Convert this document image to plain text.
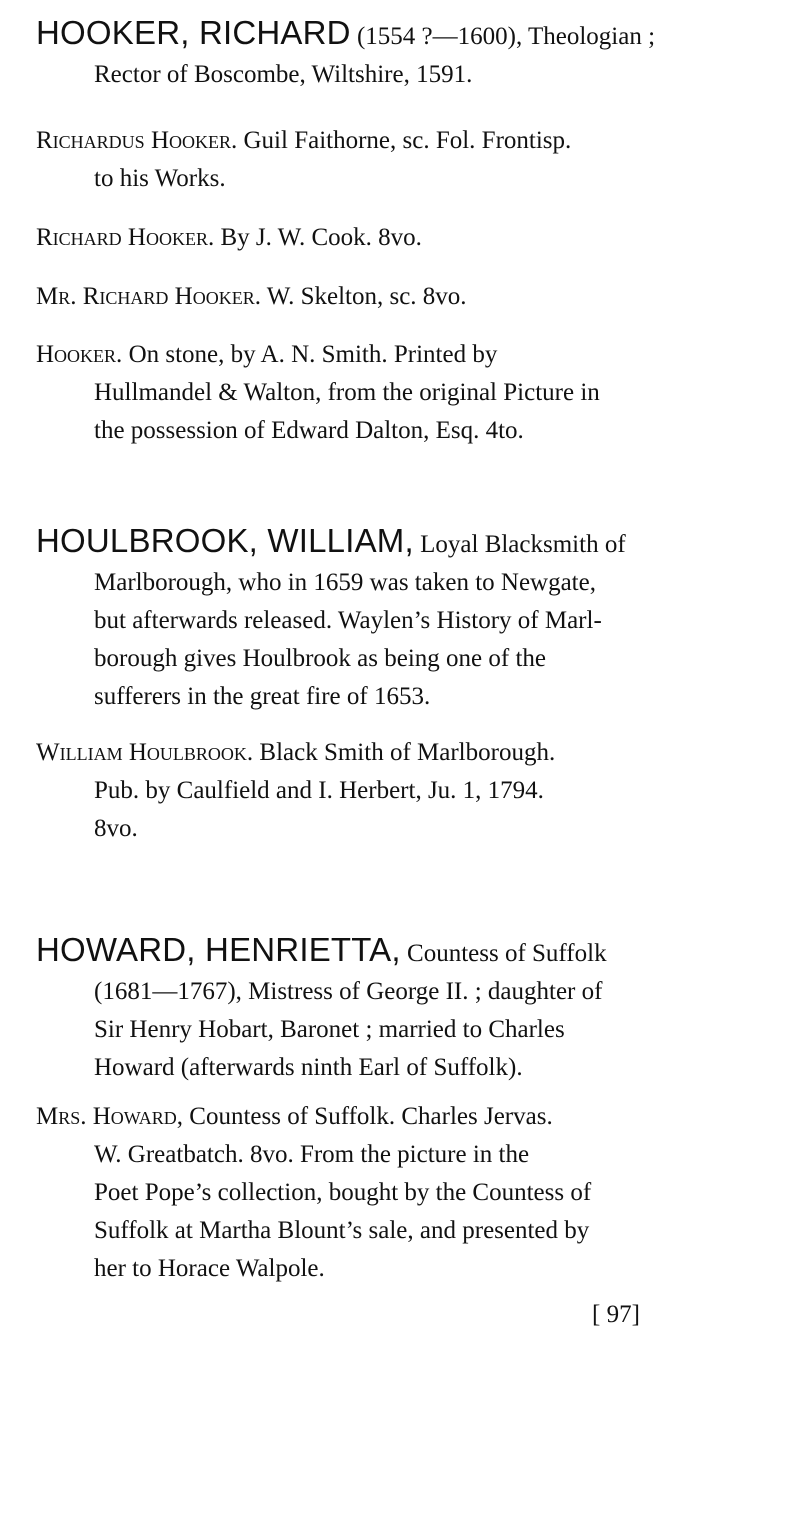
HOOKER, RICHARD (1554 ?—1600), Theologian ;
Rector of Boscombe, Wiltshire, 1591.
Richardus Hooker. Guil Faithorne, sc. Fol. Frontisp.
to his Works.
Richard Hooker. By J. W. Cook. 8vo.
Mr. Richard Hooker. W. Skelton, sc. 8vo.
Hooker. On stone, by A. N. Smith. Printed by
Hullmandel & Walton, from the original Picture in
the possession of Edward Dalton, Esq. 4to.
HOULBROOK, WILLIAM, Loyal Blacksmith of
Marlborough, who in 1659 was taken to Newgate,
but afterwards released. Waylen’s History of Marl-
borough gives Houlbrook as being one of the
sufferers in the great fire of 1653.
William Houlbrook. Black Smith of Marlborough.
Pub. by Caulfield and I. Herbert, Ju. 1, 1794.
8vo.
HOWARD, HENRIETTA, Countess of Suffolk
(1681—1767), Mistress of George II. ; daughter of
Sir Henry Hobart, Baronet ; married to Charles
Howard (afterwards ninth Earl of Suffolk).
Mrs. Howard, Countess of Suffolk. Charles Jervas.
W. Greatbatch. 8vo. From the picture in the
Poet Pope’s collection, bought by the Countess of
Suffolk at Martha Blount’s sale, and presented by
her to Horace Walpole.
[ 97]
